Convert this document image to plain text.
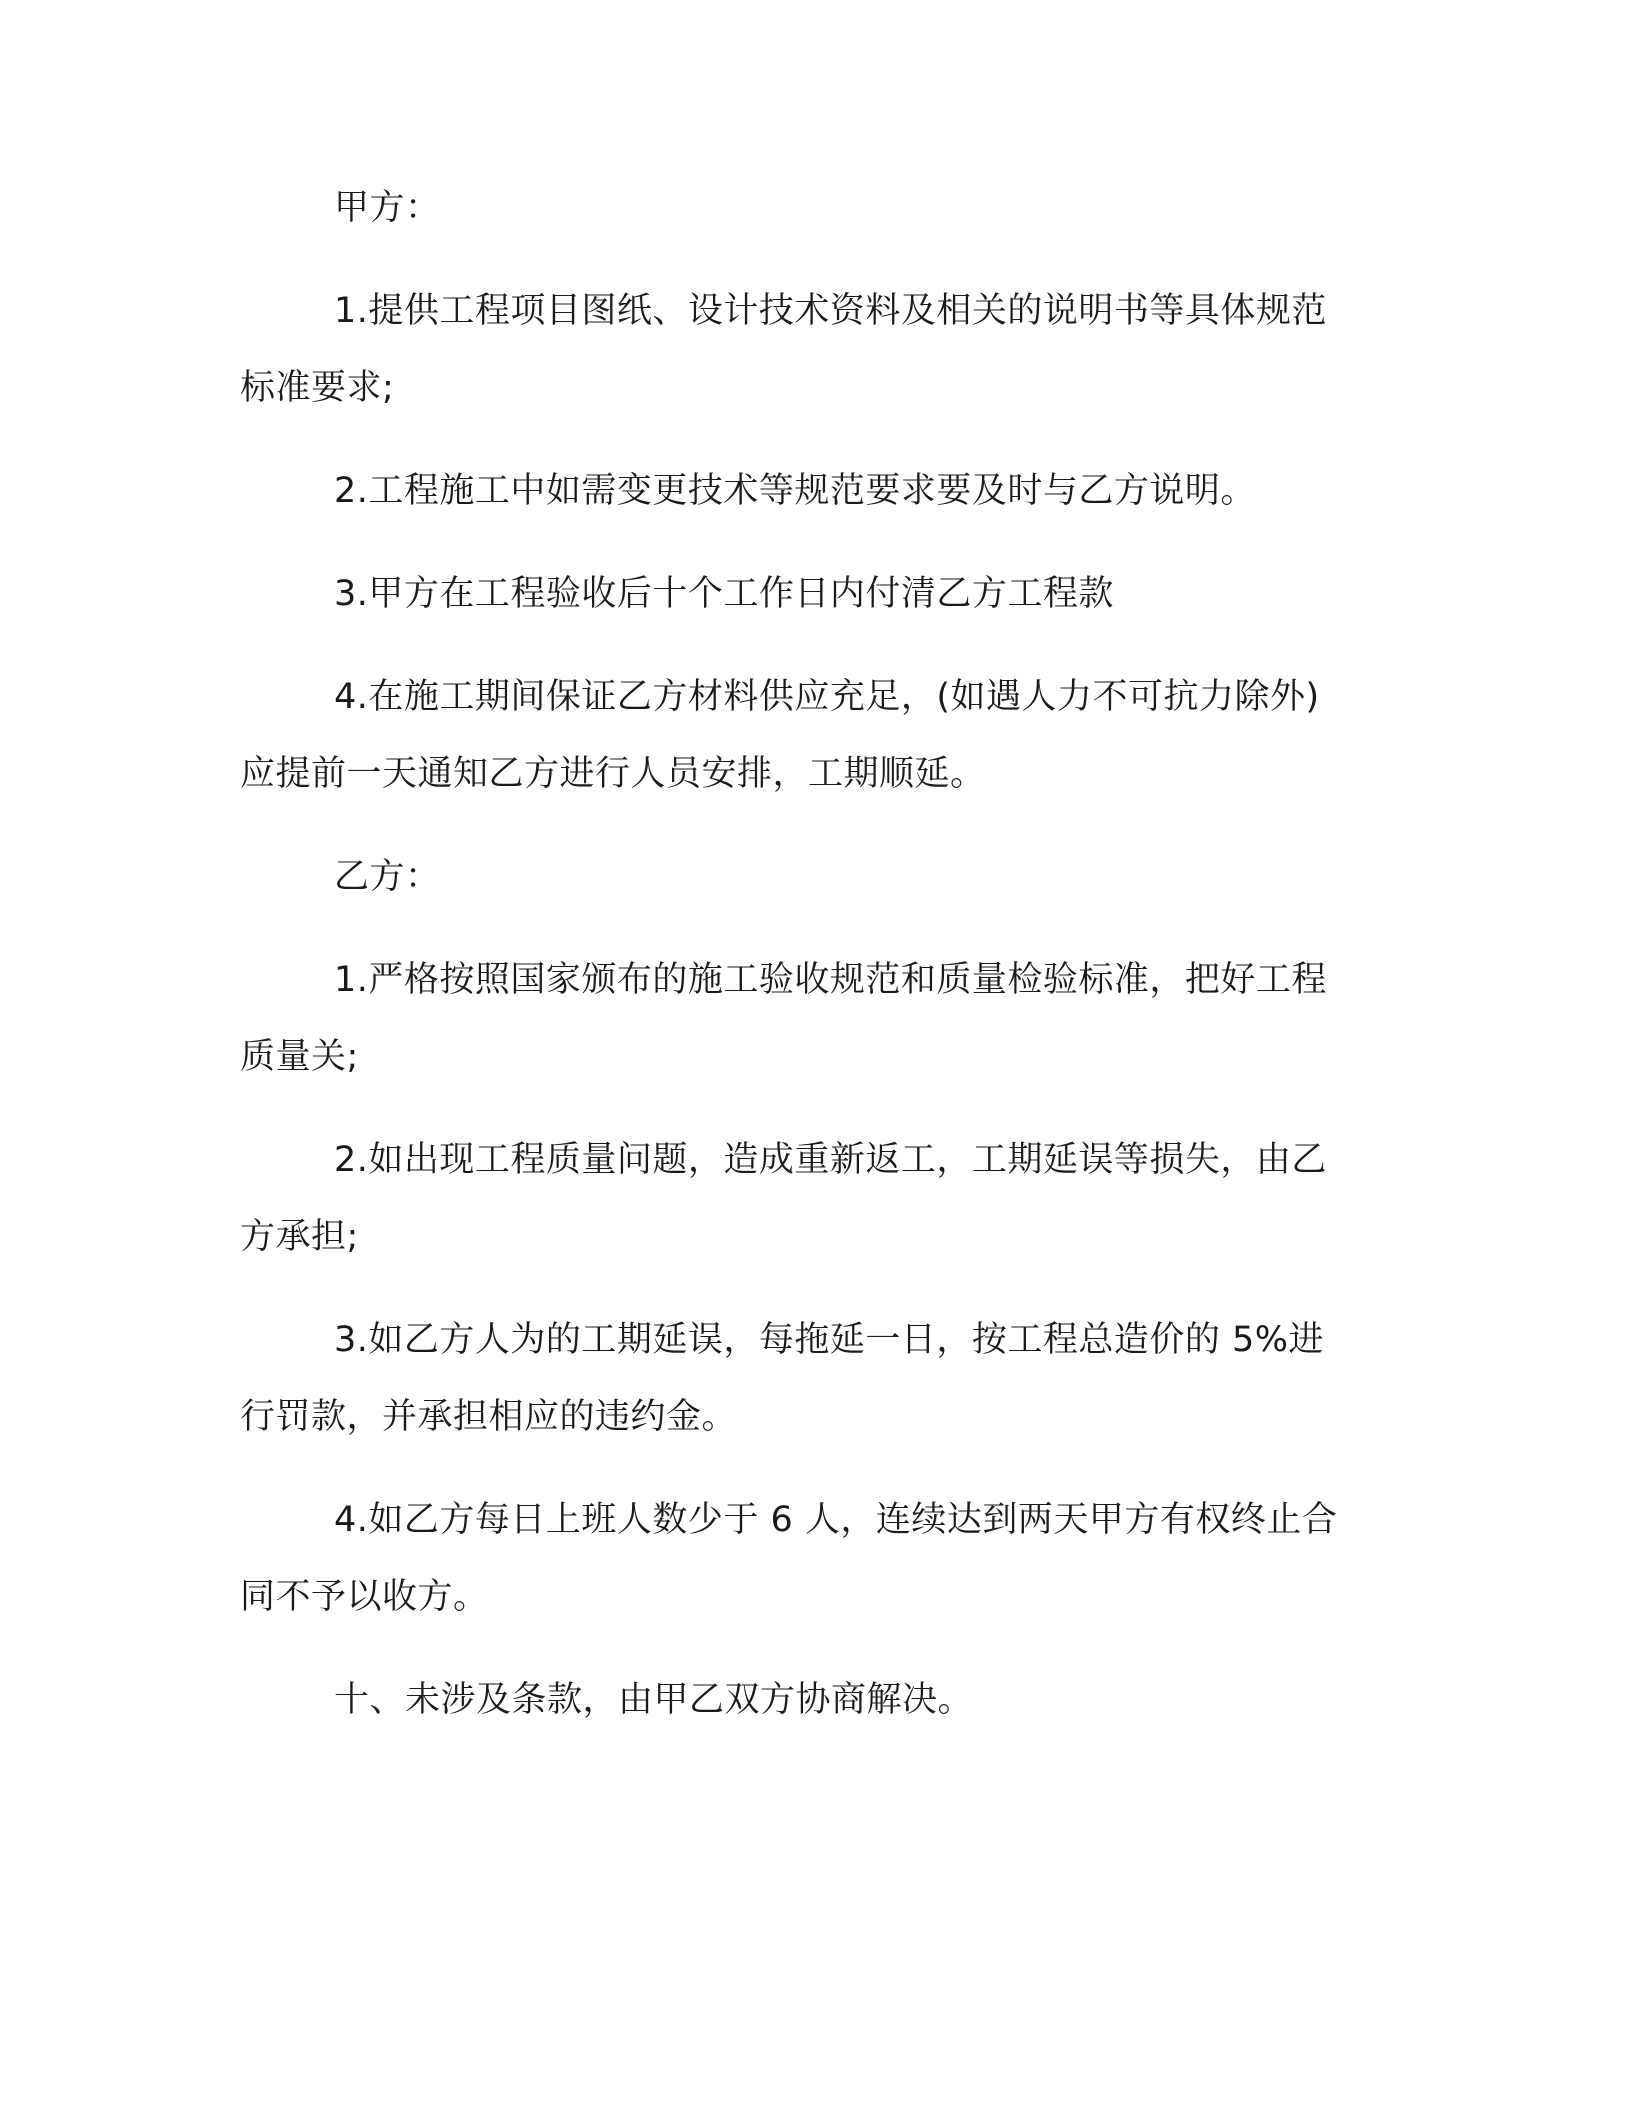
甲方：

1.提供工程项目图纸、设计技术资料及相关的说明书等具体规范
标准要求;

2.工程施工中如需变更技术等规范要求要及时与乙方说明。

3.甲方在工程验收后十个工作日内付清乙方工程款

4.在施工期间保证乙方材料供应充足，(如遇人力不可抗力除外)
应提前一天通知乙方进行人员安排，工期顺延。

乙方：

1.严格按照国家颁布的施工验收规范和质量检验标准，把好工程
质量关;

2.如出现工程质量问题，造成重新返工，工期延误等损失，由乙
方承担;

3.如乙方人为的工期延误，每拖延一日，按工程总造价的 5%进
行罚款，并承担相应的违约金。

4.如乙方每日上班人数少于 6 人，连续达到两天甲方有权终止合
同不予以收方。

十、未涉及条款，由甲乙双方协商解决。
